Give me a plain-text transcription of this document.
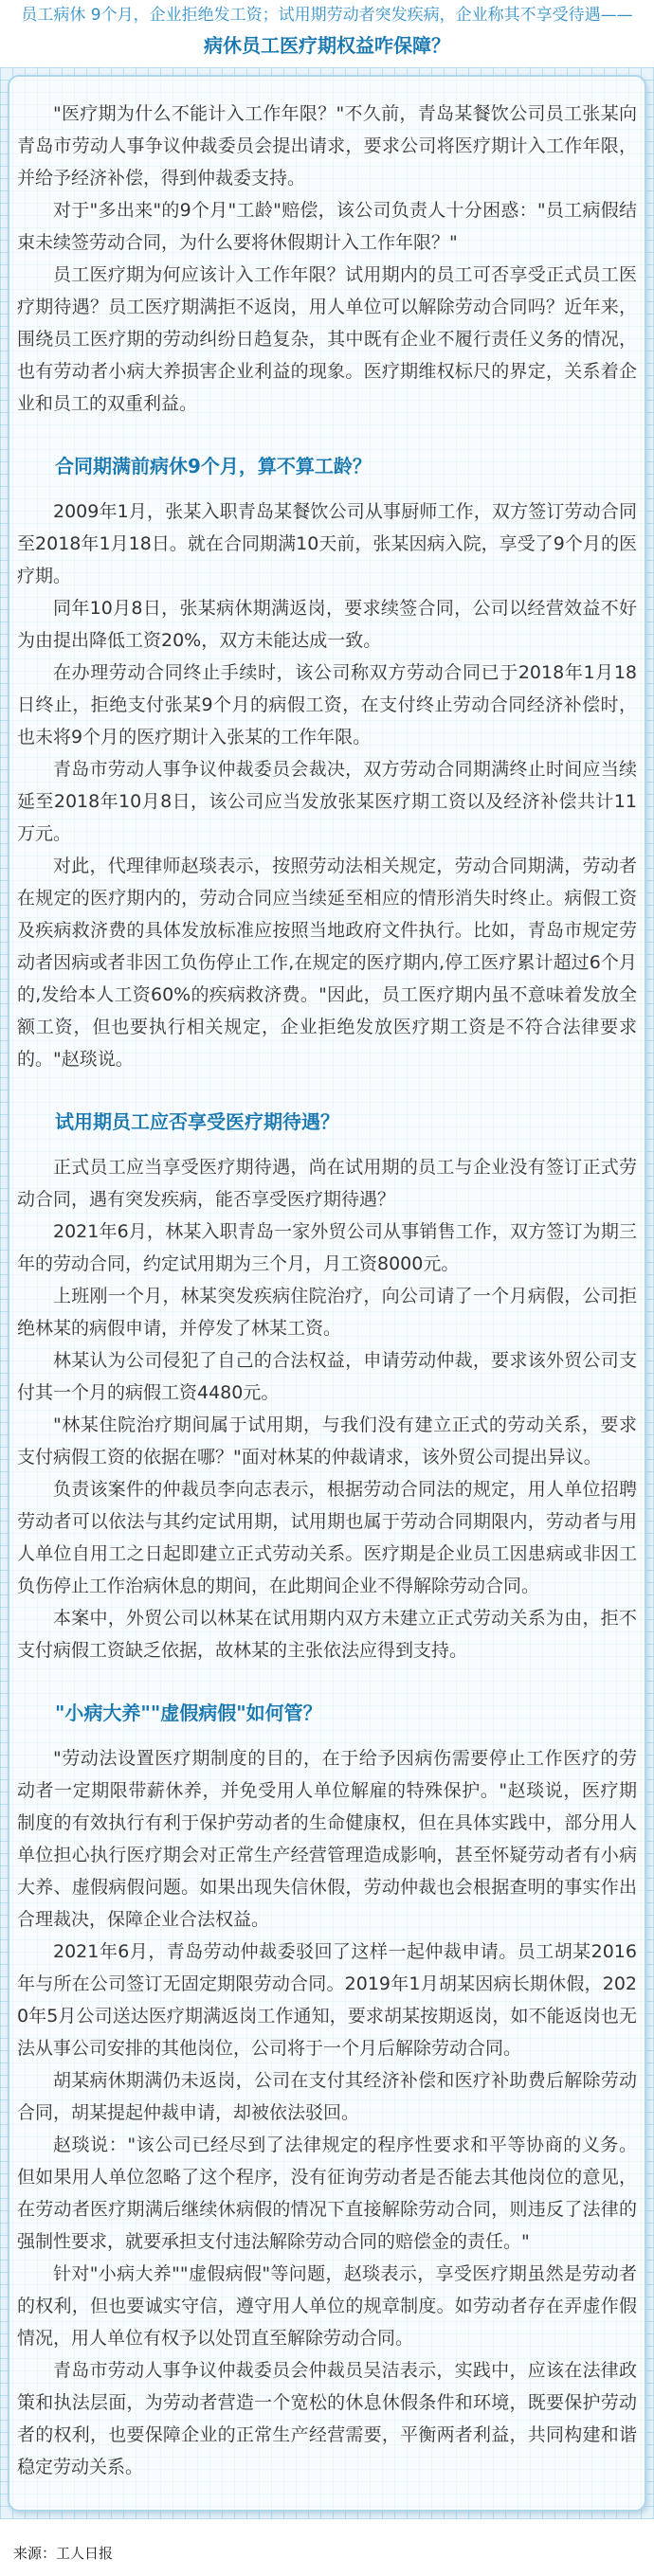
员工病休 9个月，企业拒绝发工资；试用期劳动者突发疾病，企业称其不享受待遇——
病休员工医疗期权益咋保障？

"医疗期为什么不能计入工作年限？"不久前，青岛某餐饮公司员工张某向青岛市劳动人事争议仲裁委员会提出请求，要求公司将医疗期计入工作年限，并给予经济补偿，得到仲裁委支持。

对于"多出来"的9个月"工龄"赔偿，该公司负责人十分困惑："员工病假结束未续签劳动合同，为什么要将休假期计入工作年限？"

员工医疗期为何应该计入工作年限？试用期内的员工可否享受正式员工医疗期待遇？员工医疗期满拒不返岗，用人单位可以解除劳动合同吗？近年来，围绕员工医疗期的劳动纠纷日趋复杂，其中既有企业不履行责任义务的情况，也有劳动者小病大养损害企业利益的现象。医疗期维权标尺的界定，关系着企业和员工的双重利益。

合同期满前病休9个月，算不算工龄？

2009年1月，张某入职青岛某餐饮公司从事厨师工作，双方签订劳动合同至2018年1月18日。就在合同期满10天前，张某因病入院，享受了9个月的医疗期。

同年10月8日，张某病休期满返岗，要求续签合同，公司以经营效益不好为由提出降低工资20%，双方未能达成一致。

在办理劳动合同终止手续时，该公司称双方劳动合同已于2018年1月18日终止，拒绝支付张某9个月的病假工资，在支付终止劳动合同经济补偿时，也未将9个月的医疗期计入张某的工作年限。

青岛市劳动人事争议仲裁委员会裁决，双方劳动合同期满终止时间应当续延至2018年10月8日，该公司应当发放张某医疗期工资以及经济补偿共计11万元。

对此，代理律师赵琰表示，按照劳动法相关规定，劳动合同期满，劳动者在规定的医疗期内的，劳动合同应当续延至相应的情形消失时终止。病假工资及疾病救济费的具体发放标准应按照当地政府文件执行。比如，青岛市规定劳动者因病或者非因工负伤停止工作,在规定的医疗期内,停工医疗累计超过6个月的,发给本人工资60%的疾病救济费。"因此，员工医疗期内虽不意味着发放全额工资，但也要执行相关规定，企业拒绝发放医疗期工资是不符合法律要求的。"赵琰说。

试用期员工应否享受医疗期待遇？

正式员工应当享受医疗期待遇，尚在试用期的员工与企业没有签订正式劳动合同，遇有突发疾病，能否享受医疗期待遇？

2021年6月，林某入职青岛一家外贸公司从事销售工作，双方签订为期三年的劳动合同，约定试用期为三个月，月工资8000元。

上班刚一个月，林某突发疾病住院治疗，向公司请了一个月病假，公司拒绝林某的病假申请，并停发了林某工资。

林某认为公司侵犯了自己的合法权益，申请劳动仲裁，要求该外贸公司支付其一个月的病假工资4480元。

"林某住院治疗期间属于试用期，与我们没有建立正式的劳动关系，要求支付病假工资的依据在哪？"面对林某的仲裁请求，该外贸公司提出异议。

负责该案件的仲裁员李向志表示，根据劳动合同法的规定，用人单位招聘劳动者可以依法与其约定试用期，试用期也属于劳动合同期限内，劳动者与用人单位自用工之日起即建立正式劳动关系。医疗期是企业员工因患病或非因工负伤停止工作治病休息的期间，在此期间企业不得解除劳动合同。

本案中，外贸公司以林某在试用期内双方未建立正式劳动关系为由，拒不支付病假工资缺乏依据，故林某的主张依法应得到支持。

"小病大养""虚假病假"如何管？

"劳动法设置医疗期制度的目的，在于给予因病伤需要停止工作医疗的劳动者一定期限带薪休养，并免受用人单位解雇的特殊保护。"赵琰说，医疗期制度的有效执行有利于保护劳动者的生命健康权，但在具体实践中，部分用人单位担心执行医疗期会对正常生产经营管理造成影响，甚至怀疑劳动者有小病大养、虚假病假问题。如果出现失信休假，劳动仲裁也会根据查明的事实作出合理裁决，保障企业合法权益。

2021年6月，青岛劳动仲裁委驳回了这样一起仲裁申请。员工胡某2016年与所在公司签订无固定期限劳动合同。2019年1月胡某因病长期休假，2020年5月公司送达医疗期满返岗工作通知，要求胡某按期返岗，如不能返岗也无法从事公司安排的其他岗位，公司将于一个月后解除劳动合同。

胡某病休期满仍未返岗，公司在支付其经济补偿和医疗补助费后解除劳动合同，胡某提起仲裁申请，却被依法驳回。

赵琰说："该公司已经尽到了法律规定的程序性要求和平等协商的义务。但如果用人单位忽略了这个程序，没有征询劳动者是否能去其他岗位的意见，在劳动者医疗期满后继续休病假的情况下直接解除劳动合同，则违反了法律的强制性要求，就要承担支付违法解除劳动合同的赔偿金的责任。"

针对"小病大养""虚假病假"等问题，赵琰表示，享受医疗期虽然是劳动者的权利，但也要诚实守信，遵守用人单位的规章制度。如劳动者存在弄虚作假情况，用人单位有权予以处罚直至解除劳动合同。

青岛市劳动人事争议仲裁委员会仲裁员吴洁表示，实践中，应该在法律政策和执法层面，为劳动者营造一个宽松的休息休假条件和环境，既要保护劳动者的权利，也要保障企业的正常生产经营需要，平衡两者利益，共同构建和谐稳定劳动关系。

来源：工人日报
